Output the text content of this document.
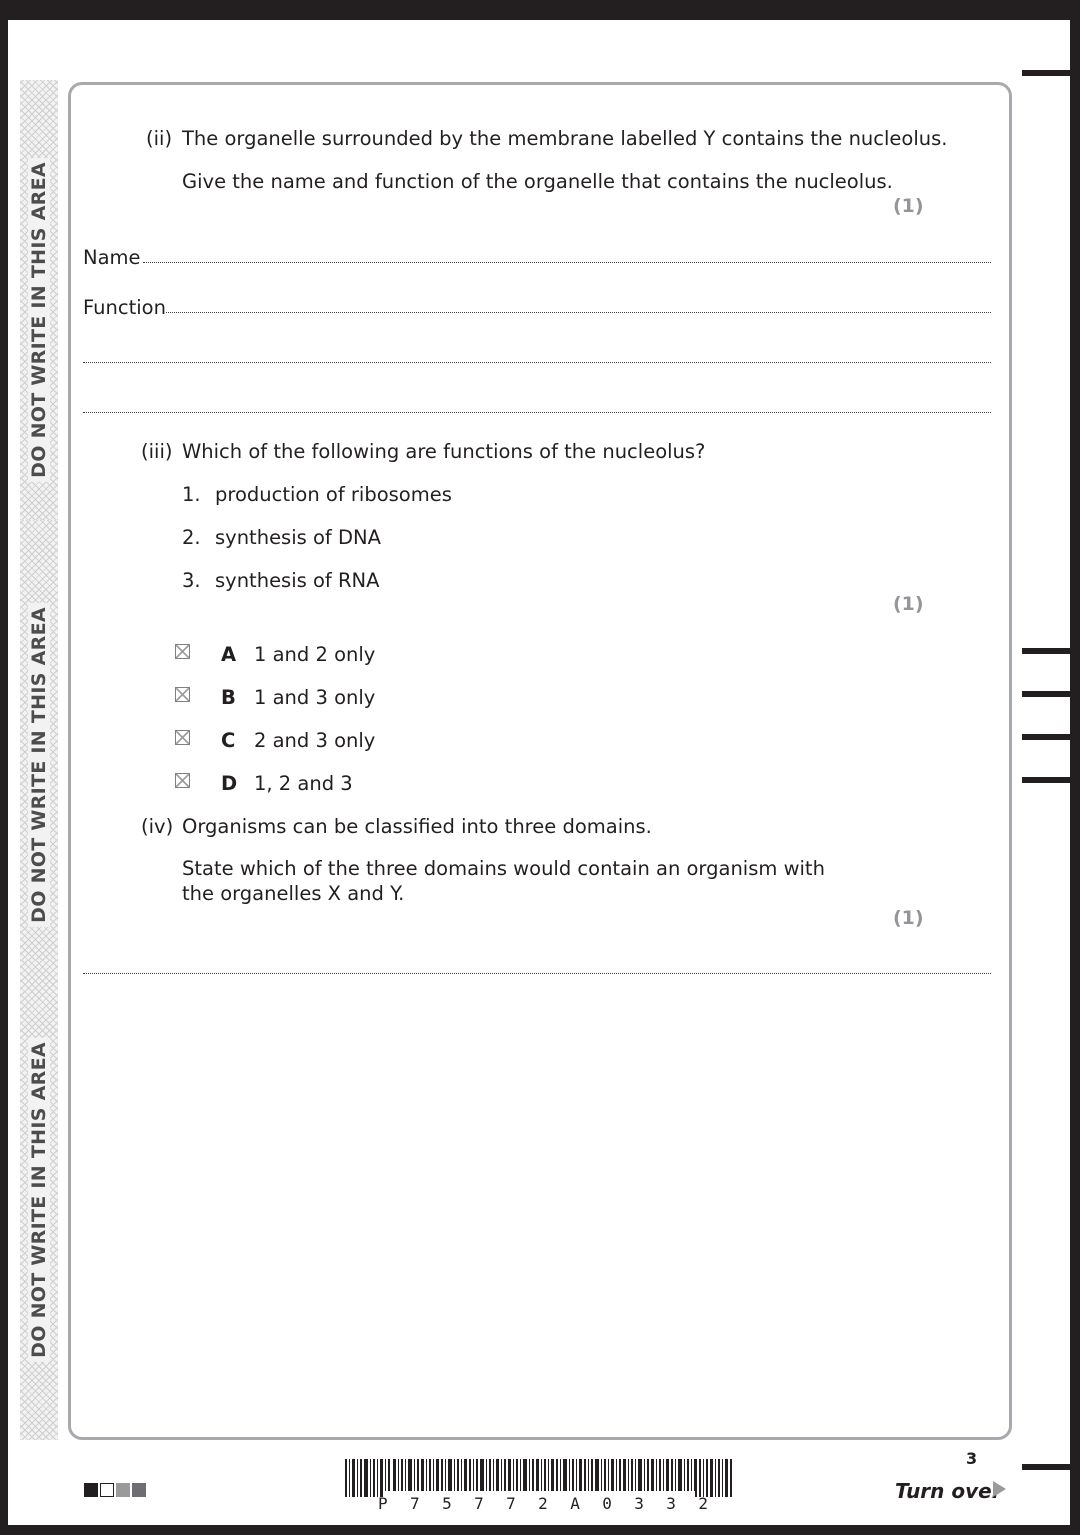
DO NOT WRITE IN THIS AREA
DO NOT WRITE IN THIS AREA
DO NOT WRITE IN THIS AREA
(ii) The organelle surrounded by the membrane labelled Y contains the nucleolus.
Give the name and function of the organelle that contains the nucleolus.
(1)
Name
Function
(iii) Which of the following are functions of the nucleolus?
1. production of ribosomes
2. synthesis of DNA
3. synthesis of RNA
(1)
A 1 and 2 only
B 1 and 3 only
C 2 and 3 only
D 1, 2 and 3
(iv) Organisms can be classified into three domains.
State which of the three domains would contain an organism with
the organelles X and Y.
(1)
P 7 5 7 7 2 A 0 3 3 2
3
Turn over
